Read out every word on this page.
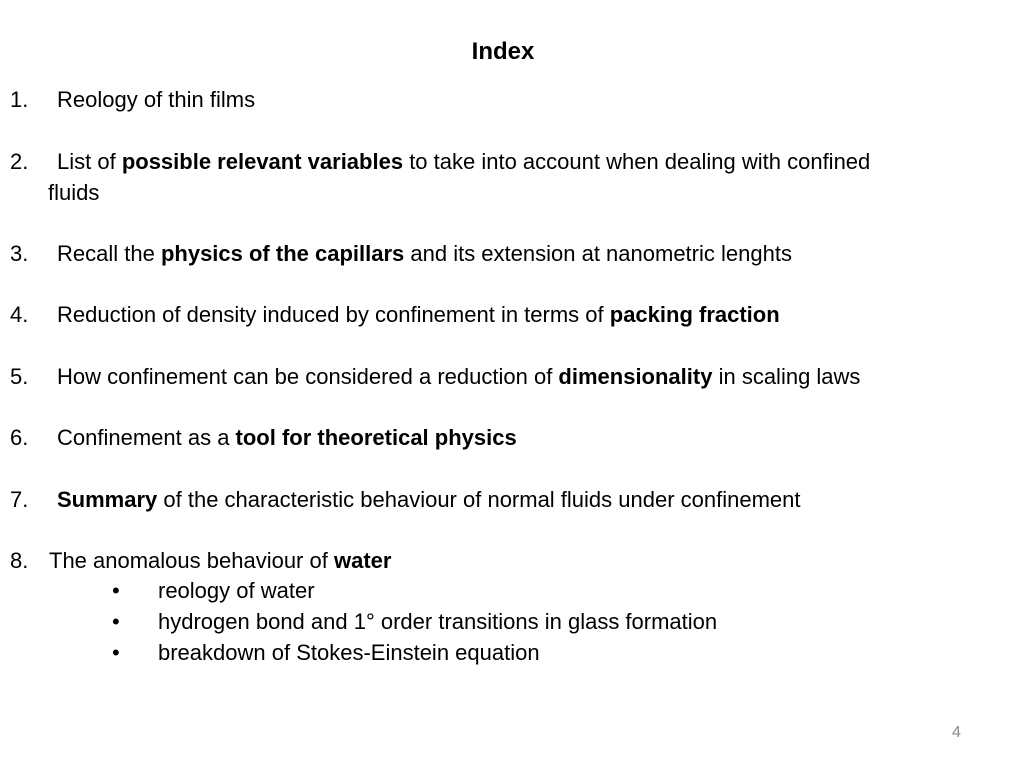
Index
1. Reology of thin films
2. List of possible relevant variables to take into account when dealing with confined
fluids
3. Recall the physics of the capillars and its extension at nanometric lenghts
4. Reduction of density induced by confinement in terms of packing fraction
5. How confinement can be considered a reduction of dimensionality in scaling laws
6. Confinement as a tool for theoretical physics
7. Summary of the characteristic behaviour of normal fluids under confinement
8. The anomalous behaviour of water
• reology of water
• hydrogen bond and 1° order transitions in glass formation
• breakdown of Stokes-Einstein equation
4
